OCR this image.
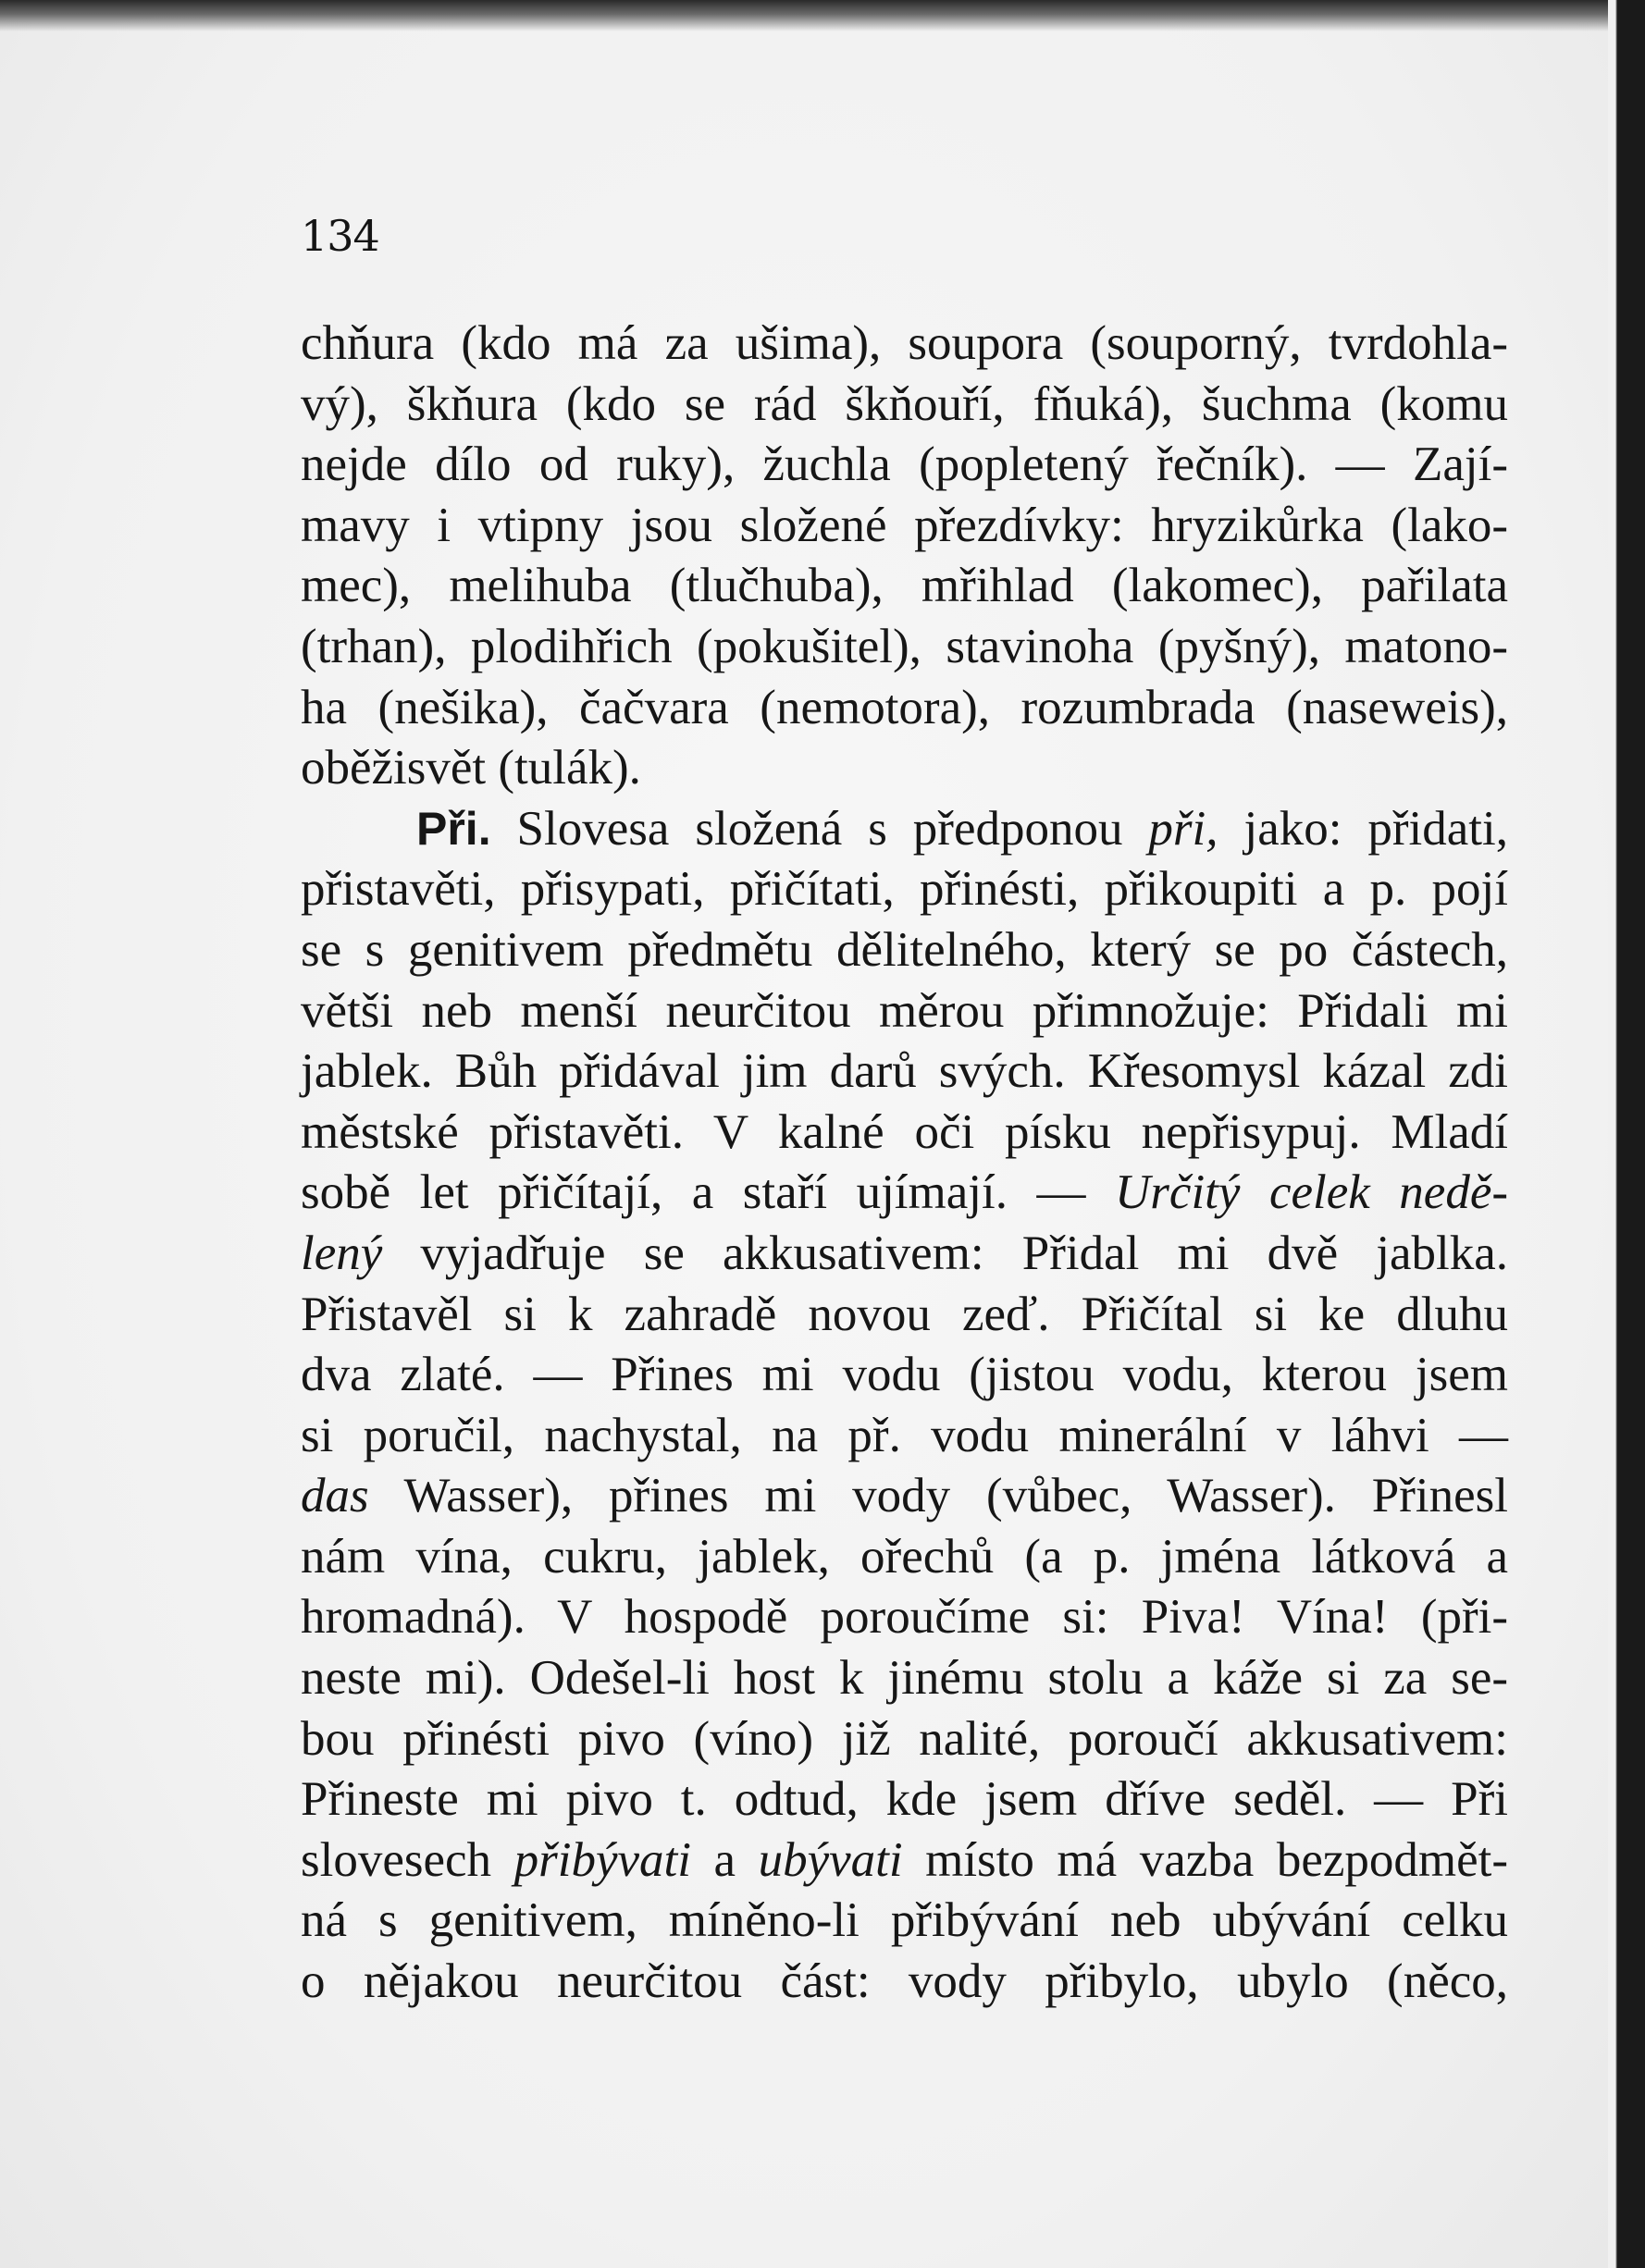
134
chňura (kdo má za ušima), soupora (souporný, tvrdohla-
vý), škňura (kdo se rád škňouří, fňuká), šuchma (komu
nejde dílo od ruky), žuchla (popletený řečník). — Zají-
mavy i vtipny jsou složené přezdívky: hryzikůrka (lako-
mec), melihuba (tlučhuba), mřihlad (lakomec), pařilata
(trhan), plodihřich (pokušitel), stavinoha (pyšný), matono-
ha (nešika), čačvara (nemotora), rozumbrada (naseweis),
oběžisvět (tulák).
Při. Slovesa složená s předponou při, jako: přidati,
přistavěti, přisypati, přičítati, přinésti, přikoupiti a p. pojí
se s genitivem předmětu dělitelného, který se po částech,
větši neb menší neurčitou měrou přimnožuje: Přidali mi
jablek. Bůh přidával jim darů svých. Křesomysl kázal zdi
městské přistavěti. V kalné oči písku nepřisypuj. Mladí
sobě let přičítají, a staří ujímají. — Určitý celek nedě-
lený vyjadřuje se akkusativem: Přidal mi dvě jablka.
Přistavěl si k zahradě novou zeď. Přičítal si ke dluhu
dva zlaté. — Přines mi vodu (jistou vodu, kterou jsem
si poručil, nachystal, na př. vodu minerální v láhvi —
das Wasser), přines mi vody (vůbec, Wasser). Přinesl
nám vína, cukru, jablek, ořechů (a p. jména látková a
hromadná). V hospodě poroučíme si: Piva! Vína! (při-
neste mi). Odešel-li host k jinému stolu a káže si za se-
bou přinésti pivo (víno) již nalité, poroučí akkusativem:
Přineste mi pivo t. odtud, kde jsem dříve seděl. — Při
slovesech přibývati a ubývati místo má vazba bezpodmět-
ná s genitivem, míněno-li přibývání neb ubývání celku
o nějakou neurčitou část: vody přibylo, ubylo (něco,
